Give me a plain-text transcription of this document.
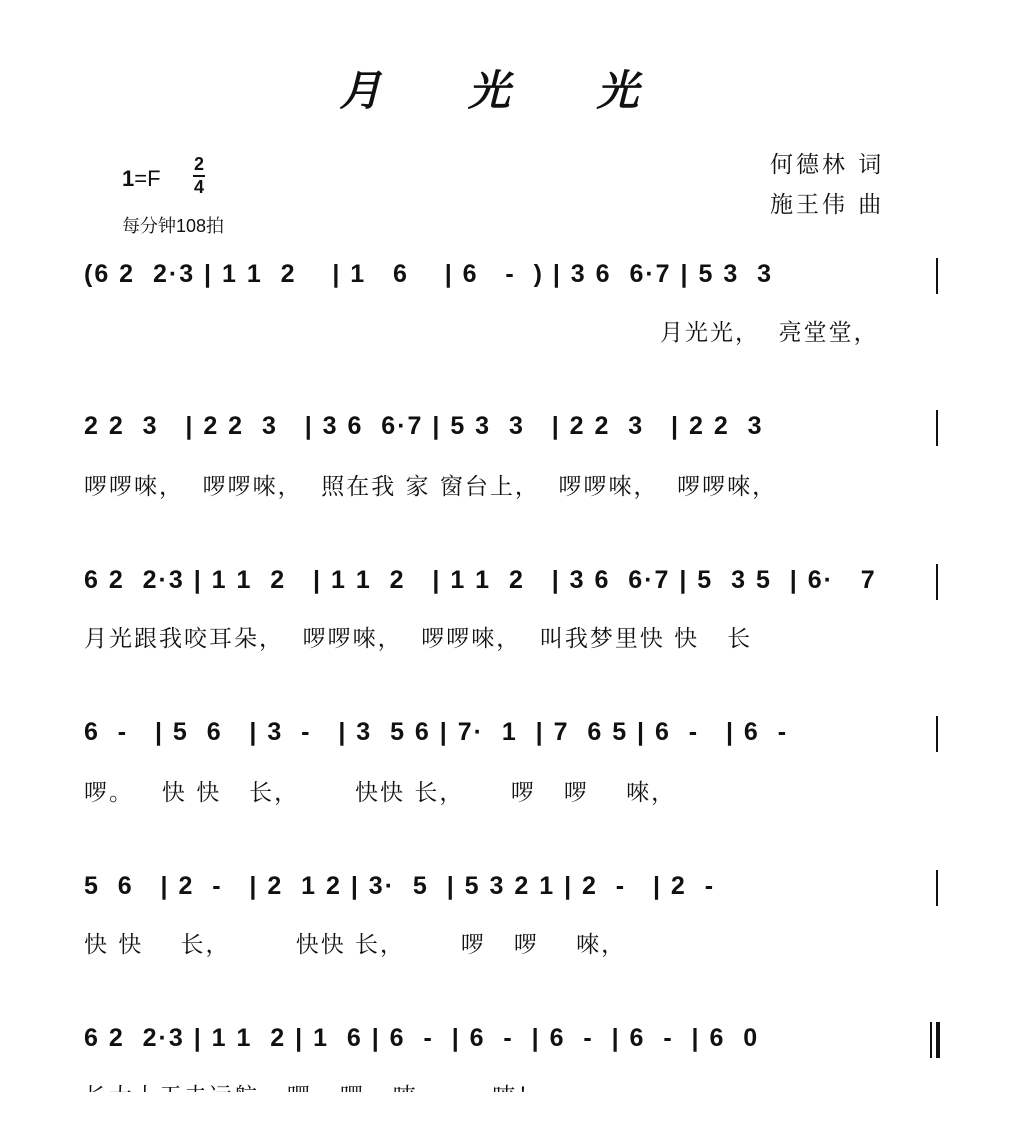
月 光 光
1=F
2
4
每分钟108拍
何德林 词
施王伟 曲
(6 2  2·3 | 1 1  2    | 1   6    | 6   -  ) | 3 6  6·7 | 5 3  3
月光光，  亮堂堂，
2 2  3   | 2 2  3   | 3 6  6·7 | 5 3  3   | 2 2  3   | 2 2  3
啰啰唻，  啰啰唻，  照在我 家 窗台上，  啰啰唻，  啰啰唻，
6 2  2·3 | 1 1  2   | 1 1  2   | 1 1  2   | 3 6  6·7 | 5  3 5  | 6·   7
月光跟我咬耳朵，  啰啰唻，  啰啰唻，  叫我梦里快 快   长
6  -   | 5  6   | 3  -   | 3  5 6 | 7·  1  | 7  6 5 | 6  -   | 6  -
啰。   快 快   长，      快快 长，     啰   啰    唻，
5  6   | 2  -   | 2  1 2 | 3·  5  | 5 3 2 1 | 2  -   | 2  -
快 快    长，       快快 长，      啰   啰    唻，
6 2  2·3 | 1 1  2 | 1  6 | 6  -  | 6  -  | 6  -  | 6  -  | 6  0
